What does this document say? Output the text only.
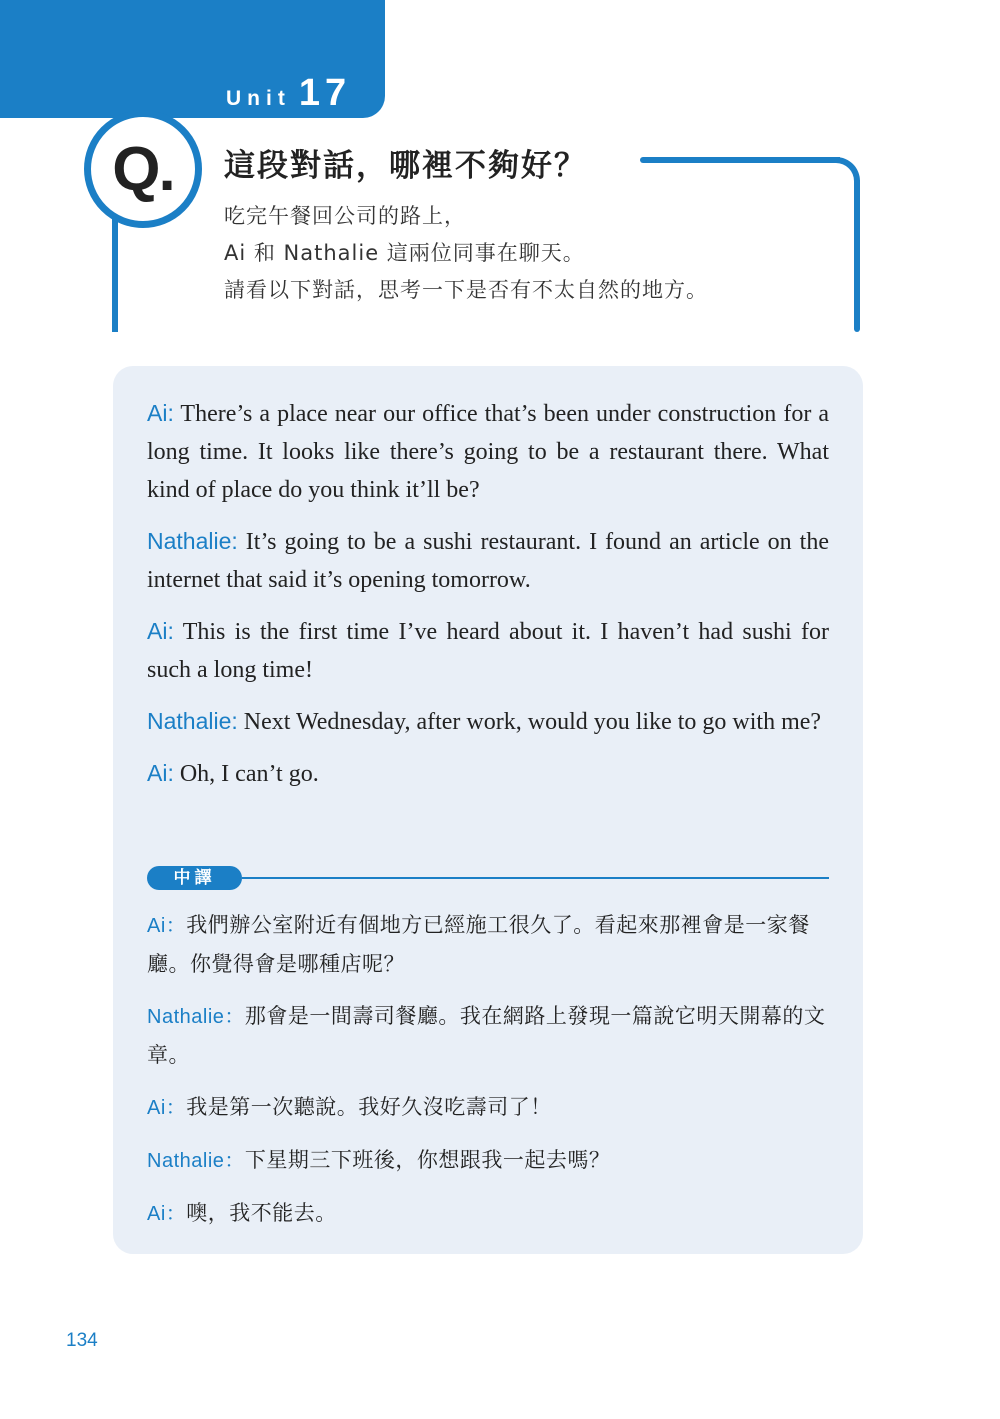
Unit 17
Q.	這段對話，哪裡不夠好？

吃完午餐回公司的路上，

Ai 和 Nathalie 這兩位同事在聊天。

請看以下對話，思考一下是否有不太自然的地方。

Ai: There’s a place near our office that’s been under construction for a long time. It looks like there’s going to be a restaurant there. What kind of place do you think it’ll be?

Nathalie: It’s going to be a sushi restaurant. I found an article on the internet that said it’s opening tomorrow.

Ai: This is the first time I’ve heard about it. I haven’t had sushi for such a long time!

Nathalie: Next Wednesday, after work, would you like to go with me?

Ai: Oh, I can’t go.

中譯

Ai：我們辦公室附近有個地方已經施工很久了。看起來那裡會是一家餐廳。你覺得會是哪種店呢？

Nathalie：那會是一間壽司餐廳。我在網路上發現一篇說它明天開幕的文章。

Ai：我是第一次聽說。我好久沒吃壽司了！

Nathalie：下星期三下班後，你想跟我一起去嗎？

Ai：噢，我不能去。

134
